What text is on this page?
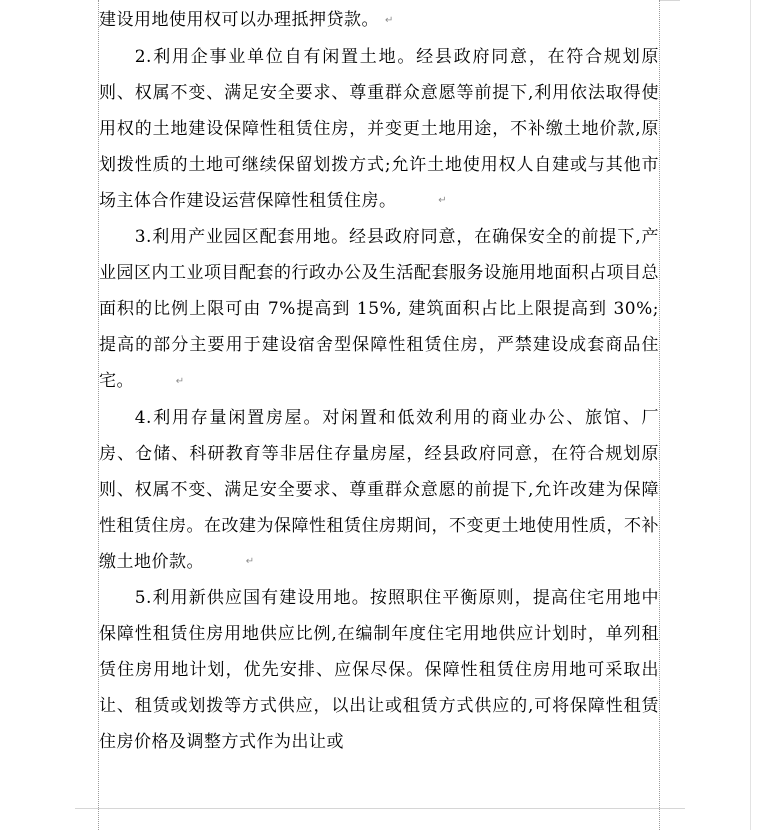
建设用地使用权可以办理抵押贷款。 ↵

2.利用企事业单位自有闲置土地。经县政府同意，在符合规划原则、权属不变、满足安全要求、尊重群众意愿等前提下,利用依法取得使用权的土地建设保障性租赁住房，并变更土地用途，不补缴土地价款,原划拨性质的土地可继续保留划拨方式;允许土地使用权人自建或与其他市场主体合作建设运营保障性租赁住房。	↵

3.利用产业园区配套用地。经县政府同意，在确保安全的前提下,产业园区内工业项目配套的行政办公及生活配套服务设施用地面积占项目总面积的比例上限可由 7%提高到 15%, 建筑面积占比上限提高到 30%; 提高的部分主要用于建设宿舍型保障性租赁住房，严禁建设成套商品住宅。	↵

4.利用存量闲置房屋。对闲置和低效利用的商业办公、旅馆、厂房、仓储、科研教育等非居住存量房屋，经县政府同意，在符合规划原则、权属不变、满足安全要求、尊重群众意愿的前提下,允许改建为保障性租赁住房。在改建为保障性租赁住房期间，不变更土地使用性质，不补缴土地价款。	↵

5.利用新供应国有建设用地。按照职住平衡原则，提高住宅用地中保障性租赁住房用地供应比例,在编制年度住宅用地供应计划时，单列租赁住房用地计划，优先安排、应保尽保。保障性租赁住房用地可采取出让、租赁或划拨等方式供应，以出让或租赁方式供应的,可将保障性租赁住房价格及调整方式作为出让或
